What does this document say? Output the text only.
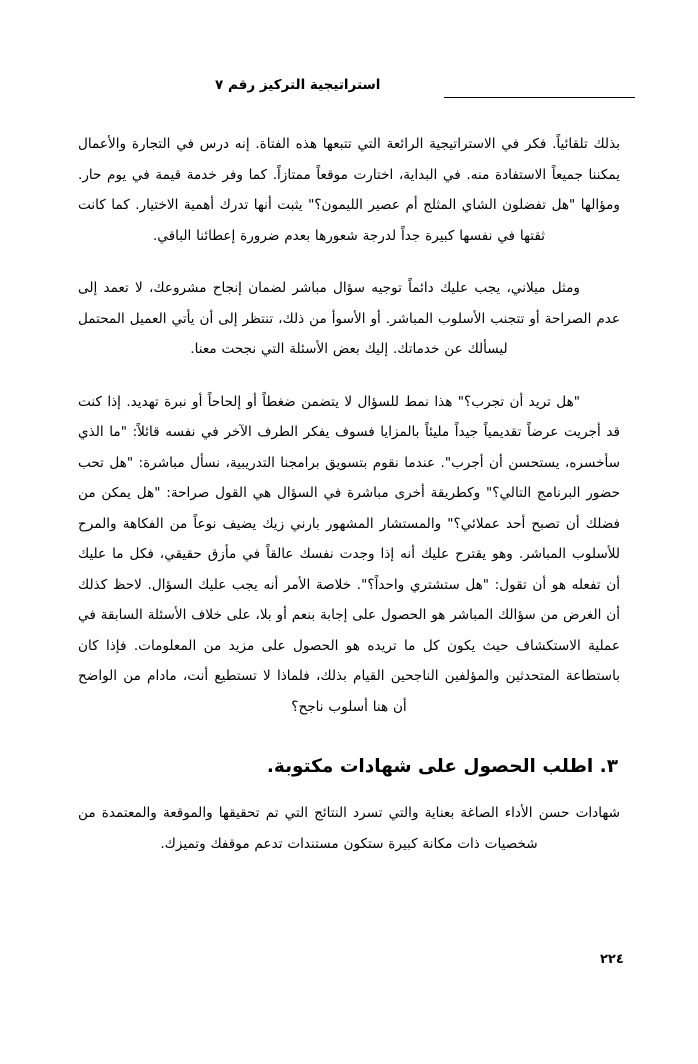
استراتيجية التركيز رقم ٧

بذلك تلقائياً. فكر في الاستراتيجية الرائعة التي تتبعها هذه الفتاة. إنه درس في التجارة والأعمال يمكننا جميعاً الاستفادة منه. في البداية، اختارت موقعاً ممتازاً. كما وفر خدمة قيمة في يوم حار. ومؤالها "هل تفضلون الشاي المثلج أم عصير الليمون؟" يثبت أنها تدرك أهمية الاختيار. كما كانت ثقتها في نفسها كبيرة جداً لدرجة شعورها بعدم ضرورة إعطائنا الباقي.

ومثل ميلاني، يجب عليك دائماً توجيه سؤال مباشر لضمان إنجاح مشروعك، لا تعمد إلى عدم الصراحة أو تتجنب الأسلوب المباشر. أو الأسوأ من ذلك، تنتظر إلى أن يأتي العميل المحتمل ليسألك عن خدماتك. إليك بعض الأسئلة التي نجحت معنا.

"هل تريد أن تجرب؟" هذا نمط للسؤال لا يتضمن ضغطاً أو إلحاحاً أو نبرة تهديد. إذا كنت قد أجريت عرضاً تقديمياً جيداً مليئاً بالمزايا فسوف يفكر الطرف الآخر في نفسه قائلاً: "ما الذي سأخسره، يستحسن أن أجرب". عندما نقوم بتسويق برامجنا التدريبية، نسأل مباشرة: "هل تحب حضور البرنامج التالي؟" وكطريقة أخرى مباشرة في السؤال هي القول صراحة: "هل يمكن من فضلك أن تصبح أحد عملائي؟" والمستشار المشهور بارني زيك يضيف نوعاً من الفكاهة والمرح للأسلوب المباشر. وهو يقترح عليك أنه إذا وجدت نفسك عالقاً في مأزق حقيقي، فكل ما عليك أن تفعله هو أن تقول: "هل ستشتري واحداً؟". خلاصة الأمر أنه يجب عليك السؤال. لاحظ كذلك أن الغرض من سؤالك المباشر هو الحصول على إجابة بنعم أو بلا، على خلاف الأسئلة السابقة في عملية الاستكشاف حيث يكون كل ما تريده هو الحصول على مزيد من المعلومات. فإذا كان باستطاعة المتحدثين والمؤلفين الناجحين القيام بذلك، فلماذا لا تستطيع أنت، مادام من الواضح أن هنا أسلوب ناجح؟

٣. اطلب الحصول على شهادات مكتوبة.

شهادات حسن الأداء الصاغة بعناية والتي تسرد النتائج التي تم تحقيقها والموقعة والمعتمدة من شخصيات ذات مكانة كبيرة ستكون مستندات تدعم موقفك وتميزك.

٢٢٤
